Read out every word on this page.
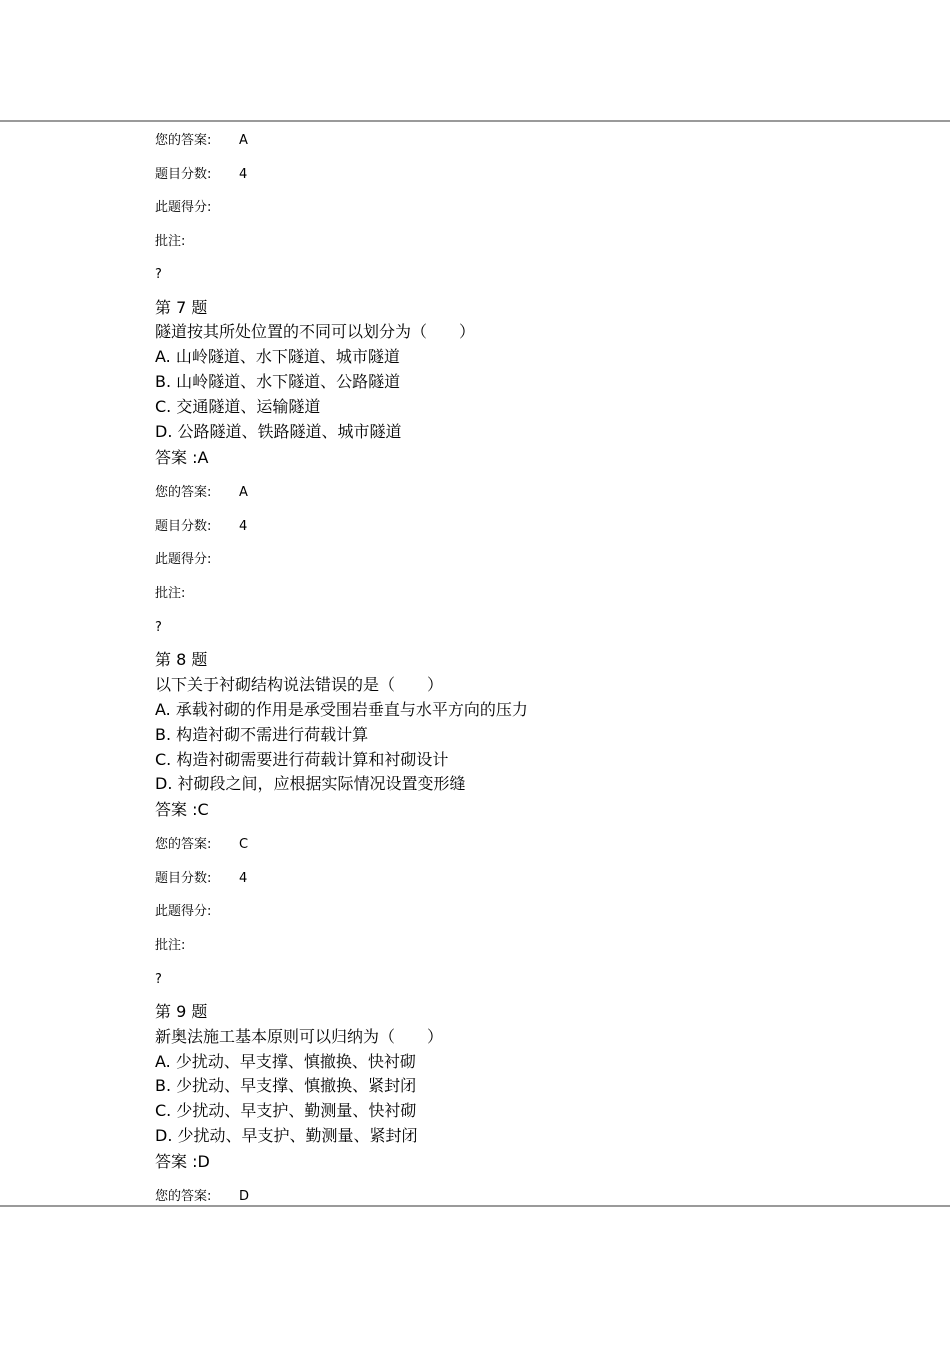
您的答案: A
题目分数: 4
此题得分:
批注:
?
第 7 题
隧道按其所处位置的不同可以划分为（　　）
A. 山岭隧道、水下隧道、城市隧道
B. 山岭隧道、水下隧道、公路隧道
C. 交通隧道、运输隧道
D. 公路隧道、铁路隧道、城市隧道
答案 :A
您的答案: A
题目分数: 4
此题得分:
批注:
?
第 8 题
以下关于衬砌结构说法错误的是（　　）
A. 承载衬砌的作用是承受围岩垂直与水平方向的压力
B. 构造衬砌不需进行荷载计算
C. 构造衬砌需要进行荷载计算和衬砌设计
D. 衬砌段之间，应根据实际情况设置变形缝
答案 :C
您的答案: C
题目分数: 4
此题得分:
批注:
?
第 9 题
新奥法施工基本原则可以归纳为（　　）
A. 少扰动、早支撑、慎撤换、快衬砌
B. 少扰动、早支撑、慎撤换、紧封闭
C. 少扰动、早支护、勤测量、快衬砌
D. 少扰动、早支护、勤测量、紧封闭
答案 :D
您的答案: D
